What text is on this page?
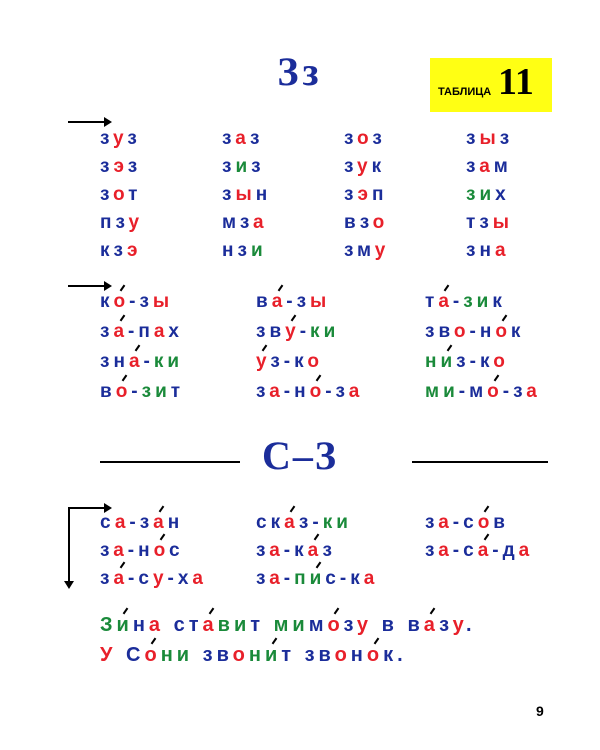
Зз	ТАБЛИЦА 11
зуз	заз	зоз	зыз
зэз	зиз	зук	зам
зот	зын	зэп	зих
пзу	мза	взо	тзы
кзэ	нзи	зму	зна
ко-зы	ва-зы	та-зик
за-пах	зву-ки	зво-нок
зна-ки	уз-ко	низ-ко
во-зит	за-но-за	ми-мо-за
С–З
са-зан	сказ-ки	за-сов
за-нос	за-каз	за-са-да
за-су-ха	за-пис-ка
Зина ставит мимозу в вазу.
У Сони звонит звонок.
9
